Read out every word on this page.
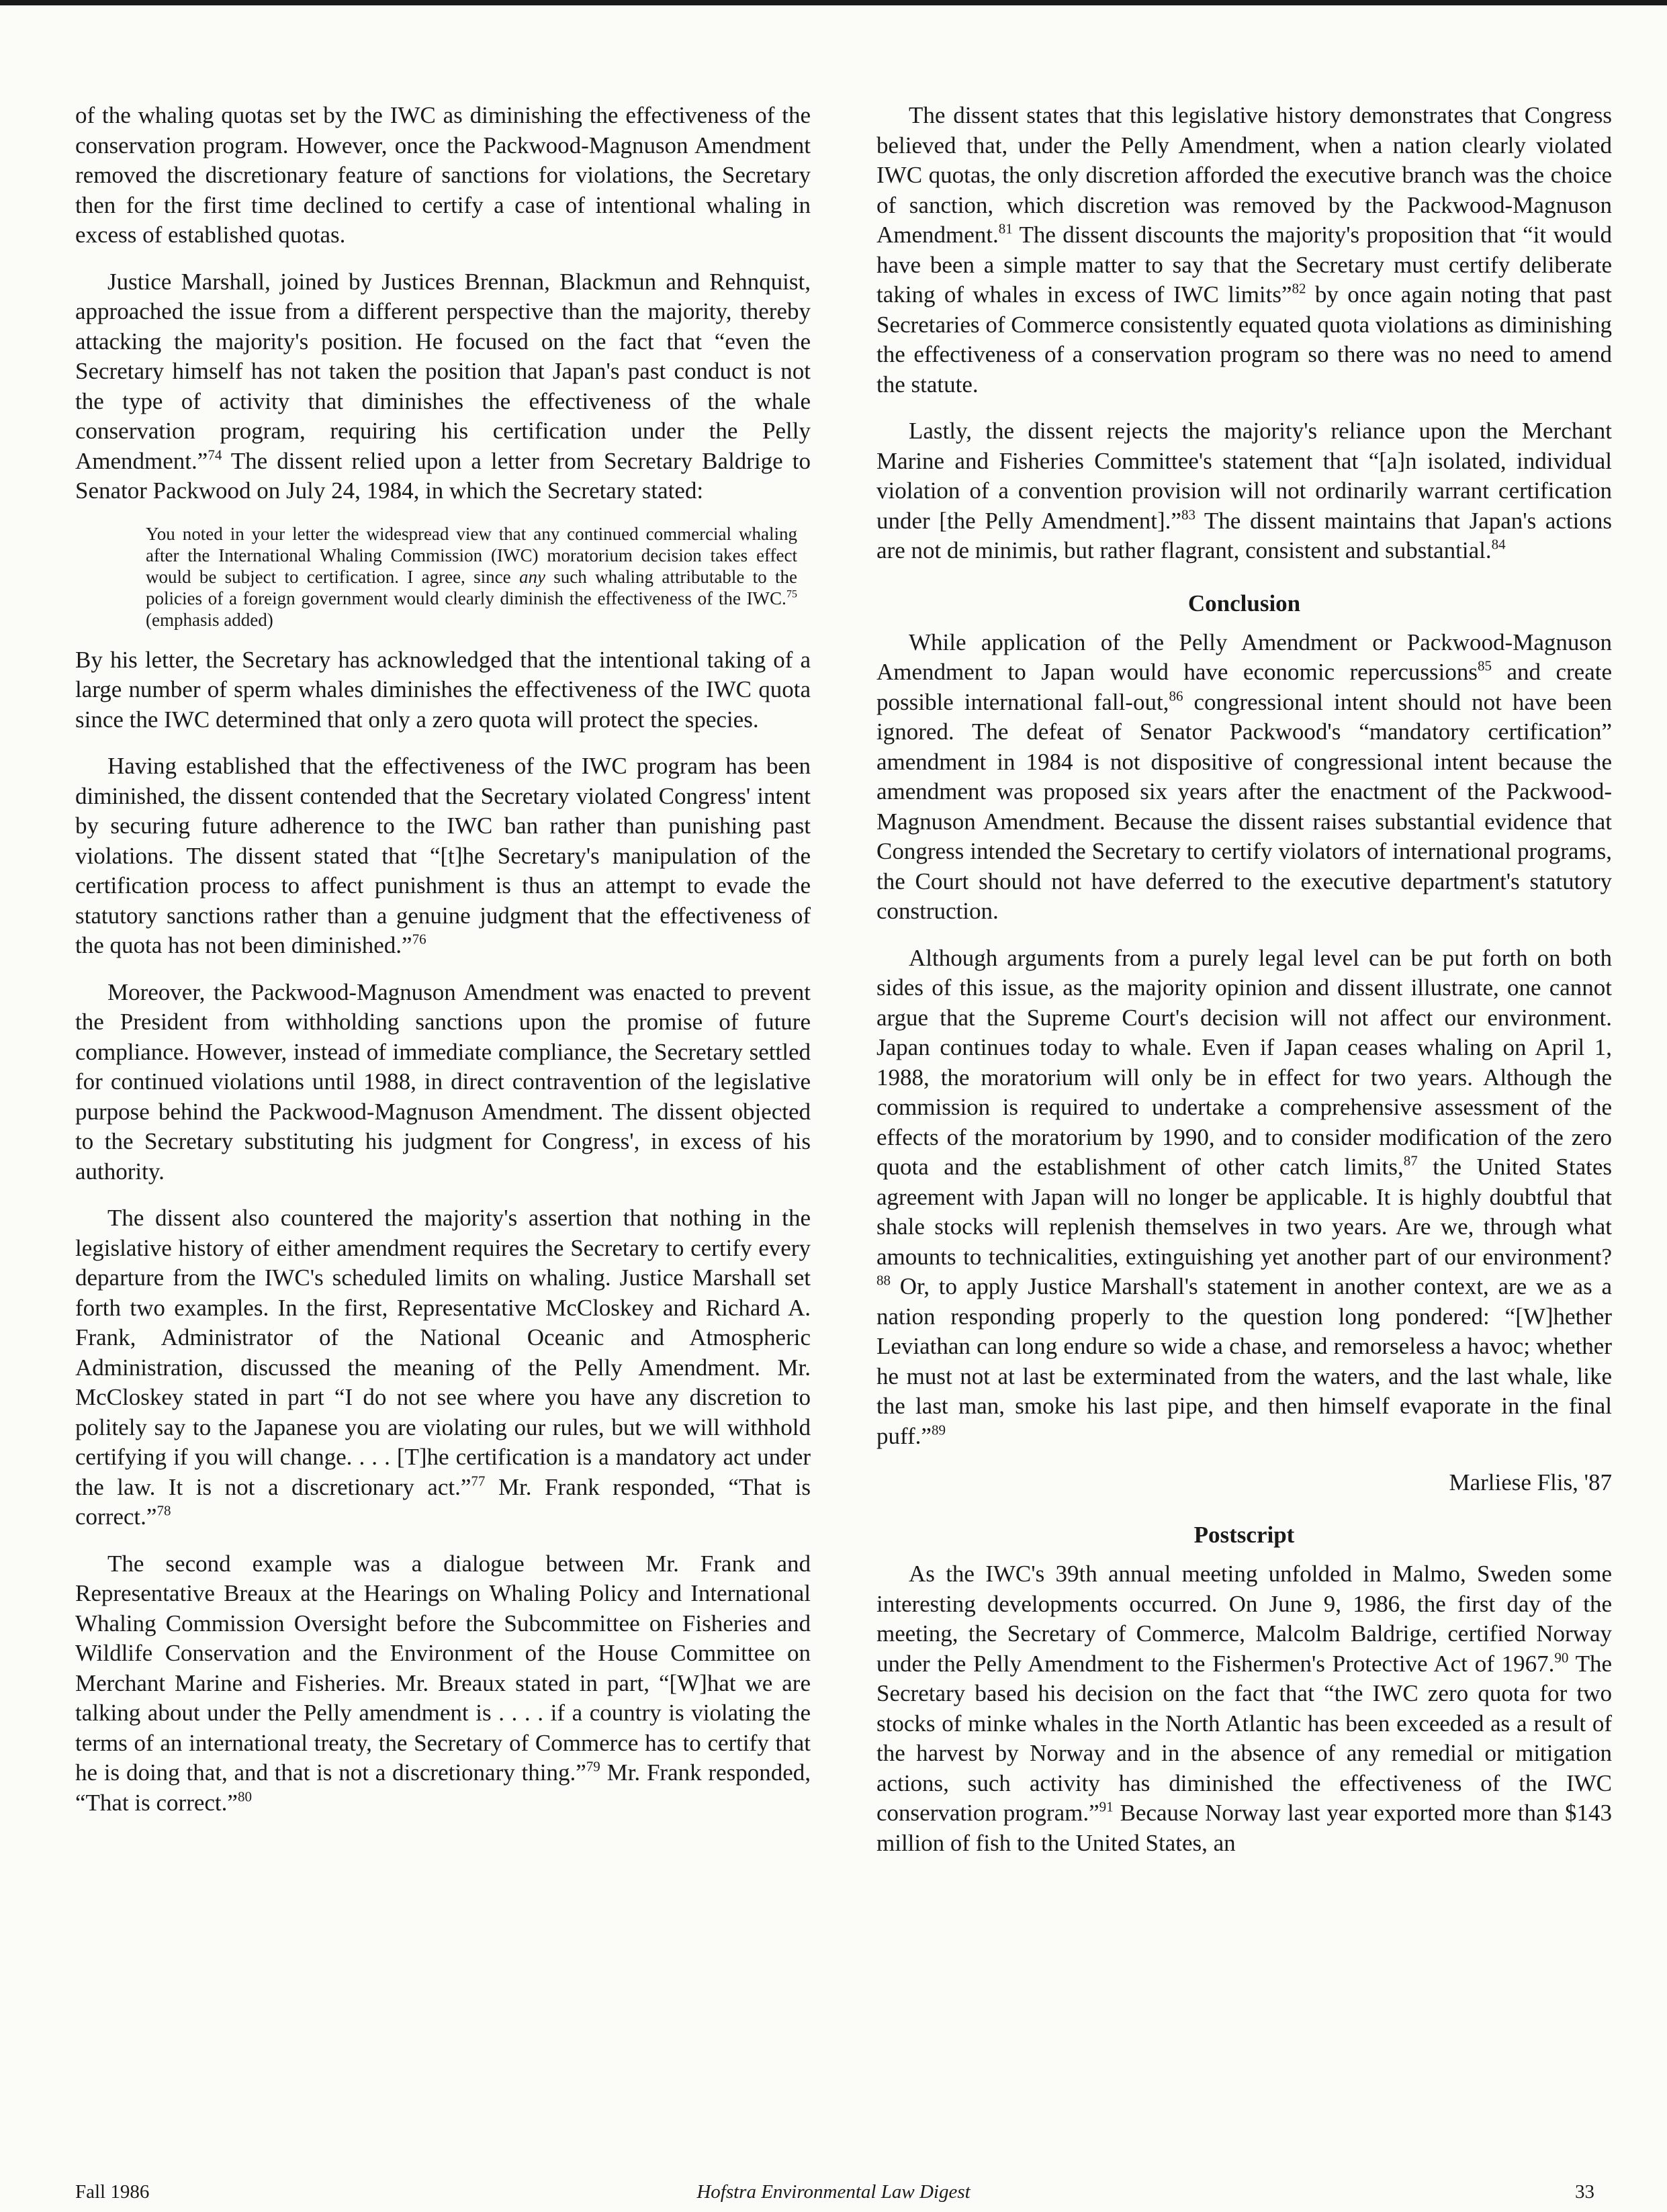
of the whaling quotas set by the IWC as diminishing the effectiveness of the conservation program. However, once the Packwood-Magnuson Amendment removed the discretionary feature of sanctions for violations, the Secretary then for the first time declined to certify a case of intentional whaling in excess of established quotas.

Justice Marshall, joined by Justices Brennan, Blackmun and Rehnquist, approached the issue from a different perspective than the majority, thereby attacking the majority's position. He focused on the fact that “even the Secretary himself has not taken the position that Japan's past conduct is not the type of activity that diminishes the effectiveness of the whale conservation program, requiring his certification under the Pelly Amendment.”$^{74}$ The dissent relied upon a letter from Secretary Baldrige to Senator Packwood on July 24, 1984, in which the Secretary stated:

You noted in your letter the widespread view that any continued commercial whaling after the International Whaling Commission (IWC) moratorium decision takes effect would be subject to certification. I agree, since any such whaling attributable to the policies of a foreign government would clearly diminish the effectiveness of the IWC.$^{75}$ (emphasis added)

By his letter, the Secretary has acknowledged that the intentional taking of a large number of sperm whales diminishes the effectiveness of the IWC quota since the IWC determined that only a zero quota will protect the species.

Having established that the effectiveness of the IWC program has been diminished, the dissent contended that the Secretary violated Congress' intent by securing future adherence to the IWC ban rather than punishing past violations. The dissent stated that “[t]he Secretary's manipulation of the certification process to affect punishment is thus an attempt to evade the statutory sanctions rather than a genuine judgment that the effectiveness of the quota has not been diminished.”$^{76}$

Moreover, the Packwood-Magnuson Amendment was enacted to prevent the President from withholding sanctions upon the promise of future compliance. However, instead of immediate compliance, the Secretary settled for continued violations until 1988, in direct contravention of the legislative purpose behind the Packwood-Magnuson Amendment. The dissent objected to the Secretary substituting his judgment for Congress', in excess of his authority.

The dissent also countered the majority's assertion that nothing in the legislative history of either amendment requires the Secretary to certify every departure from the IWC's scheduled limits on whaling. Justice Marshall set forth two examples. In the first, Representative McCloskey and Richard A. Frank, Administrator of the National Oceanic and Atmospheric Administration, discussed the meaning of the Pelly Amendment. Mr. McCloskey stated in part “I do not see where you have any discretion to politely say to the Japanese you are violating our rules, but we will withhold certifying if you will change. . . . [T]he certification is a mandatory act under the law. It is not a discretionary act.”$^{77}$ Mr. Frank responded, “That is correct.”$^{78}$

The second example was a dialogue between Mr. Frank and Representative Breaux at the Hearings on Whaling Policy and International Whaling Commission Oversight before the Subcommittee on Fisheries and Wildlife Conservation and the Environment of the House Committee on Merchant Marine and Fisheries. Mr. Breaux stated in part, “[W]hat we are talking about under the Pelly amendment is . . . . if a country is violating the terms of an international treaty, the Secretary of Commerce has to certify that he is doing that, and that is not a discretionary thing.”$^{79}$ Mr. Frank responded, “That is correct.”$^{80}$

The dissent states that this legislative history demonstrates that Congress believed that, under the Pelly Amendment, when a nation clearly violated IWC quotas, the only discretion afforded the executive branch was the choice of sanction, which discretion was removed by the Packwood-Magnuson Amendment.$^{81}$ The dissent discounts the majority's proposition that “it would have been a simple matter to say that the Secretary must certify deliberate taking of whales in excess of IWC limits”$^{82}$ by once again noting that past Secretaries of Commerce consistently equated quota violations as diminishing the effectiveness of a conservation program so there was no need to amend the statute.

Lastly, the dissent rejects the majority's reliance upon the Merchant Marine and Fisheries Committee's statement that “[a]n isolated, individual violation of a convention provision will not ordinarily warrant certification under [the Pelly Amendment].”$^{83}$ The dissent maintains that Japan's actions are not de minimis, but rather flagrant, consistent and substantial.$^{84}$

Conclusion

While application of the Pelly Amendment or Packwood-Magnuson Amendment to Japan would have economic repercussions$^{85}$ and create possible international fall-out,$^{86}$ congressional intent should not have been ignored. The defeat of Senator Packwood's “mandatory certification” amendment in 1984 is not dispositive of congressional intent because the amendment was proposed six years after the enactment of the Packwood-Magnuson Amendment. Because the dissent raises substantial evidence that Congress intended the Secretary to certify violators of international programs, the Court should not have deferred to the executive department's statutory construction.

Although arguments from a purely legal level can be put forth on both sides of this issue, as the majority opinion and dissent illustrate, one cannot argue that the Supreme Court's decision will not affect our environment. Japan continues today to whale. Even if Japan ceases whaling on April 1, 1988, the moratorium will only be in effect for two years. Although the commission is required to undertake a comprehensive assessment of the effects of the moratorium by 1990, and to consider modification of the zero quota and the establishment of other catch limits,$^{87}$ the United States agreement with Japan will no longer be applicable. It is highly doubtful that shale stocks will replenish themselves in two years. Are we, through what amounts to technicalities, extinguishing yet another part of our environment?$^{88}$ Or, to apply Justice Marshall's statement in another context, are we as a nation responding properly to the question long pondered: “[W]hether Leviathan can long endure so wide a chase, and remorseless a havoc; whether he must not at last be exterminated from the waters, and the last whale, like the last man, smoke his last pipe, and then himself evaporate in the final puff.”$^{89}$

Marliese Flis, '87
Postscript

As the IWC's 39th annual meeting unfolded in Malmo, Sweden some interesting developments occurred. On June 9, 1986, the first day of the meeting, the Secretary of Commerce, Malcolm Baldrige, certified Norway under the Pelly Amendment to the Fishermen's Protective Act of 1967.90 The Secretary based his decision on the fact that “the IWC zero quota for two stocks of minke whales in the North Atlantic has been exceeded as a result of the harvest by Norway and in the absence of any remedial or mitigation actions, such activity has diminished the effectiveness of the IWC conservation program.”$^{91}$ Because Norway last year exported more than $143 million of fish to the United States, an

Fall 1986	Hofstra Environmental Law Digest	33
